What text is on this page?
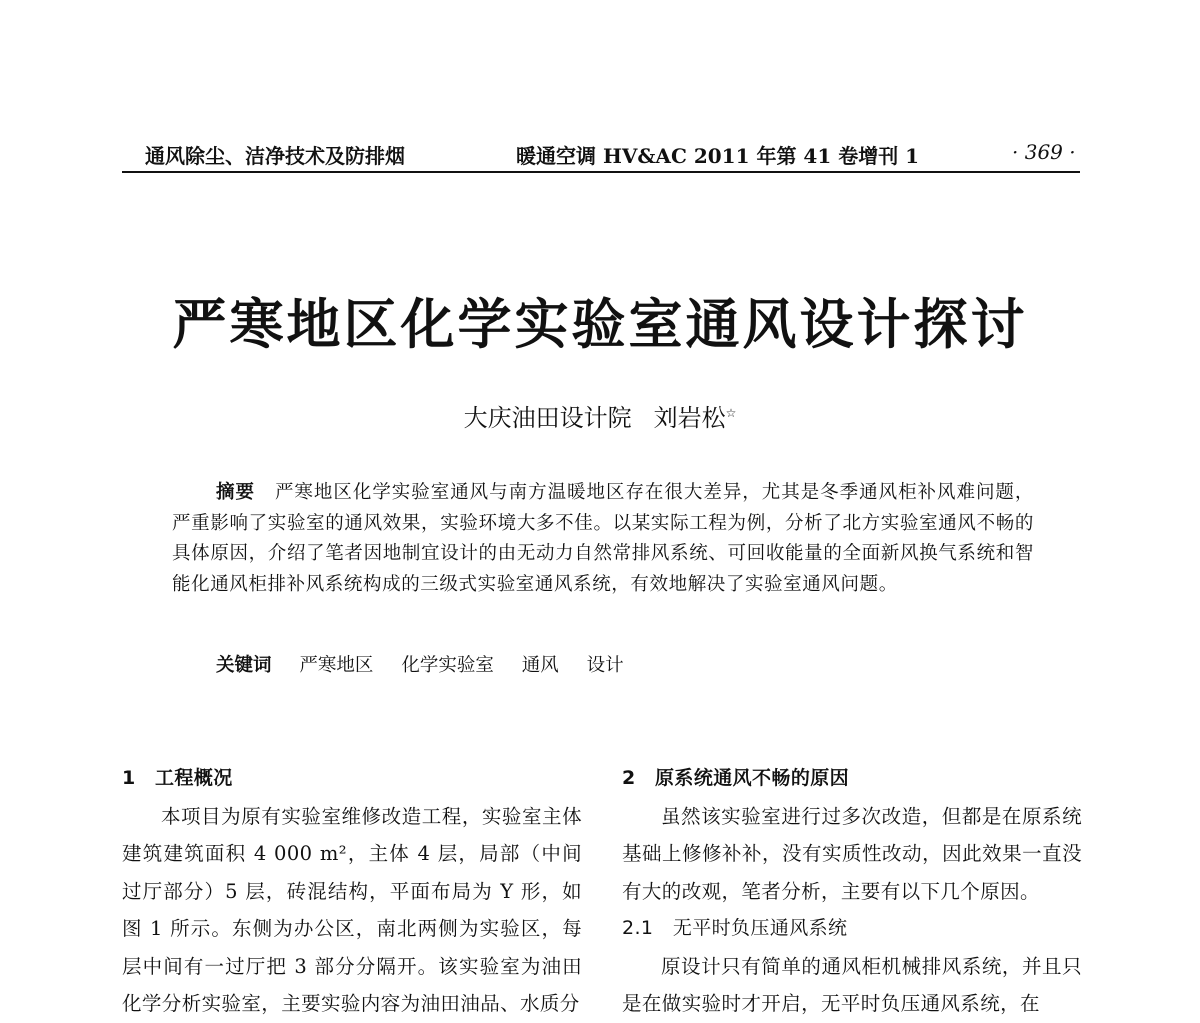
通风除尘、洁净技术及防排烟	暖通空调 HV&AC 2011 年第 41 卷增刊 1	· 369 ·
严寒地区化学实验室通风设计探讨
大庆油田设计院 刘岩松☆
摘要 严寒地区化学实验室通风与南方温暖地区存在很大差异，尤其是冬季通风柜补风难问题，严重影响了实验室的通风效果，实验环境大多不佳。以某实际工程为例，分析了北方实验室通风不畅的具体原因，介绍了笔者因地制宜设计的由无动力自然常排风系统、可回收能量的全面新风换气系统和智能化通风柜排补风系统构成的三级式实验室通风系统，有效地解决了实验室通风问题。
关键词 严寒地区 化学实验室 通风 设计
1　工程概况
本项目为原有实验室维修改造工程，实验室主体建筑建筑面积 4 000 m²，主体 4 层，局部（中间过厅部分）5 层，砖混结构，平面布局为 Y 形，如图 1 所示。东侧为办公区，南北两侧为实验区，每层中间有一过厅把 3 部分分隔开。该实验室为油田化学分析实验室，主要实验内容为油田油品、水质分
2　原系统通风不畅的原因
虽然该实验室进行过多次改造，但都是在原系统基础上修修补补，没有实质性改动，因此效果一直没有大的改观，笔者分析，主要有以下几个原因。
2.1　无平时负压通风系统
原设计只有简单的通风柜机械排风系统，并且只是在做实验时才开启，无平时负压通风系统，在
